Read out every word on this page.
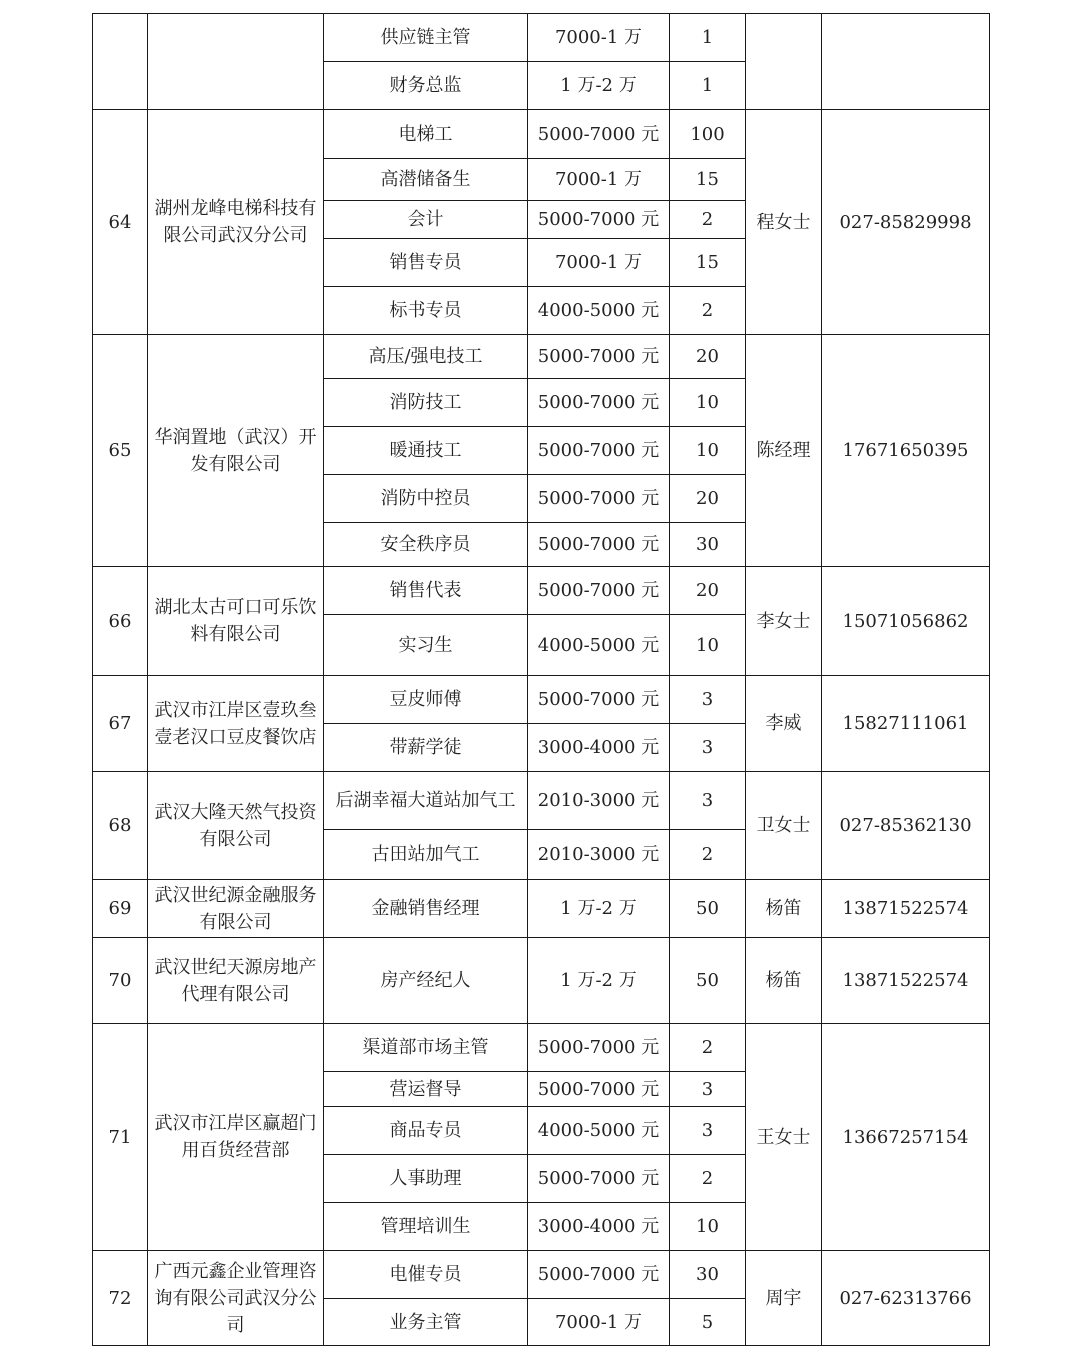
		供应链主管	7000-1 万	1		
		财务总监	1 万-2 万	1		
64	湖州龙峰电梯科技有限公司武汉分公司	电梯工	5000-7000 元	100	程女士	027-85829998
		高潜储备生	7000-1 万	15		
		会计	5000-7000 元	2		
		销售专员	7000-1 万	15		
		标书专员	4000-5000 元	2		
65	华润置地（武汉）开发有限公司	高压/强电技工	5000-7000 元	20	陈经理	17671650395
		消防技工	5000-7000 元	10		
		暖通技工	5000-7000 元	10		
		消防中控员	5000-7000 元	20		
		安全秩序员	5000-7000 元	30		
66	湖北太古可口可乐饮料有限公司	销售代表	5000-7000 元	20	李女士	15071056862
		实习生	4000-5000 元	10		
67	武汉市江岸区壹玖叁壹老汉口豆皮餐饮店	豆皮师傅	5000-7000 元	3	李威	15827111061
		带薪学徒	3000-4000 元	3		
68	武汉大隆天然气投资有限公司	后湖幸福大道站加气工	2010-3000 元	3	卫女士	027-85362130
		古田站加气工	2010-3000 元	2		
69	武汉世纪源金融服务有限公司	金融销售经理	1 万-2 万	50	杨笛	13871522574
70	武汉世纪天源房地产代理有限公司	房产经纪人	1 万-2 万	50	杨笛	13871522574
71	武汉市江岸区赢超门用百货经营部	渠道部市场主管	5000-7000 元	2	王女士	13667257154
		营运督导	5000-7000 元	3		
		商品专员	4000-5000 元	3		
		人事助理	5000-7000 元	2		
		管理培训生	3000-4000 元	10		
72	广西元鑫企业管理咨询有限公司武汉分公司	电催专员	5000-7000 元	30	周宇	027-62313766
		业务主管	7000-1 万	5		
